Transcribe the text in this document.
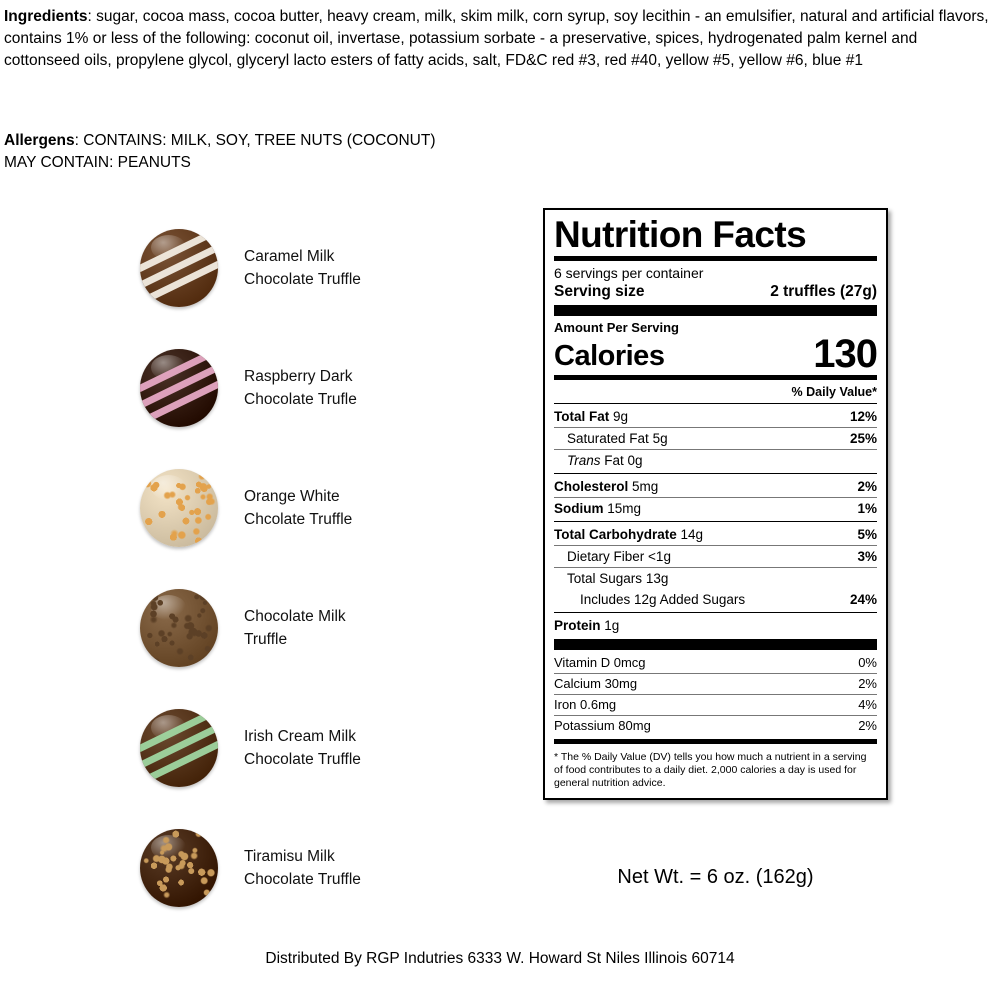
Ingredients: sugar, cocoa mass, cocoa butter, heavy cream, milk, skim milk, corn syrup, soy lecithin - an emulsifier, natural and artificial flavors, contains 1% or less of the following: coconut oil, invertase, potassium sorbate - a preservative, spices, hydrogenated palm kernel and cottonseed oils, propylene glycol, glyceryl lacto esters of fatty acids, salt, FD&C red #3, red #40, yellow #5, yellow #6, blue #1
Allergens: CONTAINS: MILK, SOY, TREE NUTS (COCONUT)
MAY CONTAIN: PEANUTS
Caramel Milk
Chocolate Truffle
Raspberry Dark
Chocolate Trufle
Orange White
Chcolate Truffle
Chocolate Milk
Truffle
Irish Cream Milk
Chocolate Truffle
Tiramisu Milk
Chocolate Truffle
Nutrition Facts
6 servings per container
Serving size	2 truffles (27g)
Amount Per Serving
Calories	130
% Daily Value*
Total Fat 9g	12%
Saturated Fat 5g	25%
Trans Fat 0g
Cholesterol 5mg	2%
Sodium 15mg	1%
Total Carbohydrate 14g	5%
Dietary Fiber <1g	3%
Total Sugars 13g
Includes 12g Added Sugars	24%
Protein 1g
Vitamin D 0mcg	0%
Calcium 30mg	2%
Iron 0.6mg	4%
Potassium 80mg	2%
* The % Daily Value (DV) tells you how much a nutrient in a serving of food contributes to a daily diet. 2,000 calories a day is used for general nutrition advice.
Net Wt. = 6 oz. (162g)
Distributed By RGP Indutries 6333 W. Howard St Niles Illinois 60714
